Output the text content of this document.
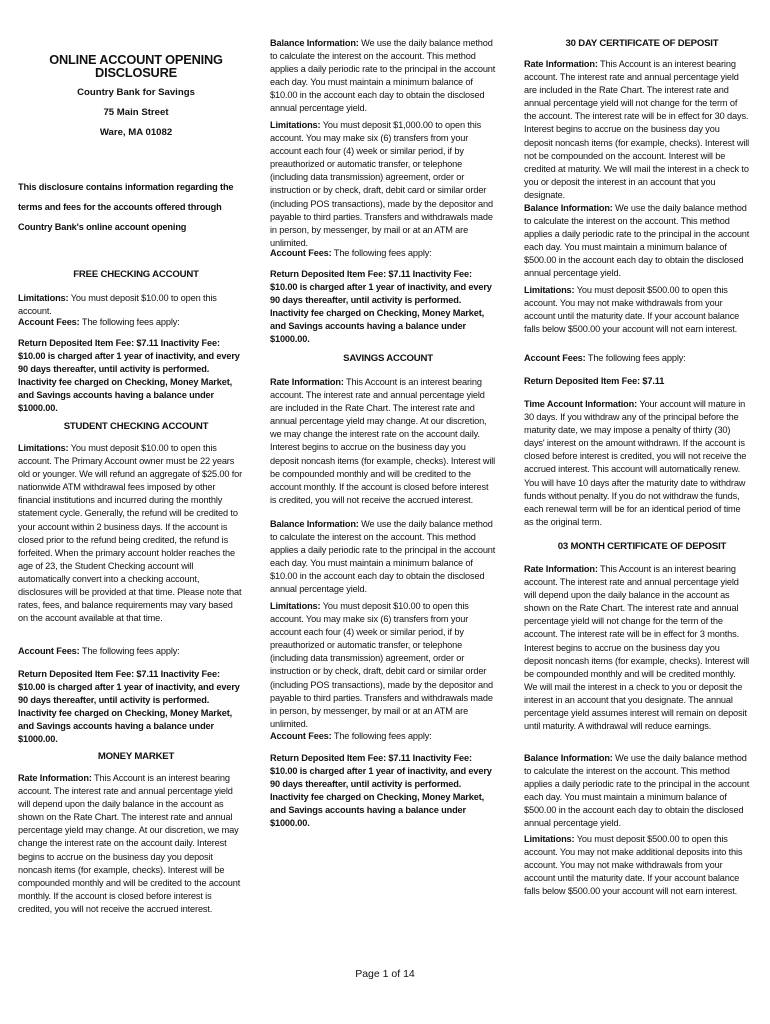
ONLINE ACCOUNT OPENING DISCLOSURE
Country Bank for Savings
75 Main Street
Ware, MA 01082

This disclosure contains information regarding the terms and fees for the accounts offered through Country Bank's online account opening

FREE CHECKING ACCOUNT

Limitations: You must deposit $10.00 to open this account.

Account Fees: The following fees apply:

Return Deposited Item Fee: $7.11 Inactivity Fee: $10.00 is charged after 1 year of inactivity, and every 90 days thereafter, until activity is performed. Inactivity fee charged on Checking, Money Market, and Savings accounts having a balance under $1000.00.

STUDENT CHECKING ACCOUNT

Limitations: You must deposit $10.00 to open this account. The Primary Account owner must be 22 years old or younger. We will refund an aggregate of $25.00 for nationwide ATM withdrawal fees imposed by other financial institutions and incurred during the monthly statement cycle. Generally, the refund will be credited to your account within 2 business days. If the account is closed prior to the refund being credited, the refund is forfeited. When the primary account holder reaches the age of 23, the Student Checking account will automatically convert into a checking account, disclosures will be provided at that time. Please note that rates, fees, and balance requirements may vary based on the account available at that time.

Account Fees: The following fees apply:

Return Deposited Item Fee: $7.11 Inactivity Fee: $10.00 is charged after 1 year of inactivity, and every 90 days thereafter, until activity is performed. Inactivity fee charged on Checking, Money Market, and Savings accounts having a balance under $1000.00.

MONEY MARKET

Rate Information: This Account is an interest bearing account. The interest rate and annual percentage yield will depend upon the daily balance in the account as shown on the Rate Chart. The interest rate and annual percentage yield may change. At our discretion, we may change the interest rate on the account daily. Interest begins to accrue on the business day you deposit noncash items (for example, checks). Interest will be compounded monthly and will be credited to the account monthly. If the account is closed before interest is credited, you will not receive the accrued interest.

Balance Information: We use the daily balance method to calculate the interest on the account. This method applies a daily periodic rate to the principal in the account each day. You must maintain a minimum balance of $10.00 in the account each day to obtain the disclosed annual percentage yield.

Limitations: You must deposit $1,000.00 to open this account. You may make six (6) transfers from your account each four (4) week or similar period, if by preauthorized or automatic transfer, or telephone (including data transmission) agreement, order or instruction or by check, draft, debit card or similar order (including POS transactions), made by the depositor and payable to third parties. Transfers and withdrawals made in person, by messenger, by mail or at an ATM are unlimited.

Account Fees: The following fees apply:

Return Deposited Item Fee: $7.11 Inactivity Fee: $10.00 is charged after 1 year of inactivity, and every 90 days thereafter, until activity is performed. Inactivity fee charged on Checking, Money Market, and Savings accounts having a balance under $1000.00.

SAVINGS ACCOUNT

Rate Information: This Account is an interest bearing account. The interest rate and annual percentage yield are included in the Rate Chart. The interest rate and annual percentage yield may change. At our discretion, we may change the interest rate on the account daily. Interest begins to accrue on the business day you deposit noncash items (for example, checks). Interest will be compounded monthly and will be credited to the account monthly. If the account is closed before interest is credited, you will not receive the accrued interest.

Balance Information: We use the daily balance method to calculate the interest on the account. This method applies a daily periodic rate to the principal in the account each day. You must maintain a minimum balance of $10.00 in the account each day to obtain the disclosed annual percentage yield.

Limitations: You must deposit $10.00 to open this account. You may make six (6) transfers from your account each four (4) week or similar period, if by preauthorized or automatic transfer, or telephone (including data transmission) agreement, order or instruction or by check, draft, debit card or similar order (including POS transactions), made by the depositor and payable to third parties. Transfers and withdrawals made in person, by messenger, by mail or at an ATM are unlimited.

Account Fees: The following fees apply:

Return Deposited Item Fee: $7.11 Inactivity Fee: $10.00 is charged after 1 year of inactivity, and every 90 days thereafter, until activity is performed. Inactivity fee charged on Checking, Money Market, and Savings accounts having a balance under $1000.00.

30 DAY CERTIFICATE OF DEPOSIT

Rate Information: This Account is an interest bearing account. The interest rate and annual percentage yield are included in the Rate Chart. The interest rate and annual percentage yield will not change for the term of the account. The interest rate will be in effect for 30 days. Interest begins to accrue on the business day you deposit noncash items (for example, checks). Interest will not be compounded on the account. Interest will be credited at maturity. We will mail the interest in a check to you or deposit the interest in an account that you designate.

Balance Information: We use the daily balance method to calculate the interest on the account. This method applies a daily periodic rate to the principal in the account each day. You must maintain a minimum balance of $500.00 in the account each day to obtain the disclosed annual percentage yield.

Limitations: You must deposit $500.00 to open this account. You may not make withdrawals from your account until the maturity date. If your account balance falls below $500.00 your account will not earn interest.

Account Fees: The following fees apply:

Return Deposited Item Fee: $7.11

Time Account Information: Your account will mature in 30 days. If you withdraw any of the principal before the maturity date, we may impose a penalty of thirty (30) days' interest on the amount withdrawn. If the account is closed before interest is credited, you will not receive the accrued interest. This account will automatically renew. You will have 10 days after the maturity date to withdraw funds without penalty. If you do not withdraw the funds, each renewal term will be for an identical period of time as the original term.

03 MONTH CERTIFICATE OF DEPOSIT

Rate Information: This Account is an interest bearing account. The interest rate and annual percentage yield will depend upon the daily balance in the account as shown on the Rate Chart. The interest rate and annual percentage yield will not change for the term of the account. The interest rate will be in effect for 3 months. Interest begins to accrue on the business day you deposit noncash items (for example, checks). Interest will be compounded monthly and will be credited monthly. We will mail the interest in a check to you or deposit the interest in an account that you designate. The annual percentage yield assumes interest will remain on deposit until maturity. A withdrawal will reduce earnings.

Balance Information: We use the daily balance method to calculate the interest on the account. This method applies a daily periodic rate to the principal in the account each day. You must maintain a minimum balance of $500.00 in the account each day to obtain the disclosed annual percentage yield.

Limitations: You must deposit $500.00 to open this account. You may not make additional deposits into this account. You may not make withdrawals from your account until the maturity date. If your account balance falls below $500.00 your account will not earn interest.

Page 1 of 14
